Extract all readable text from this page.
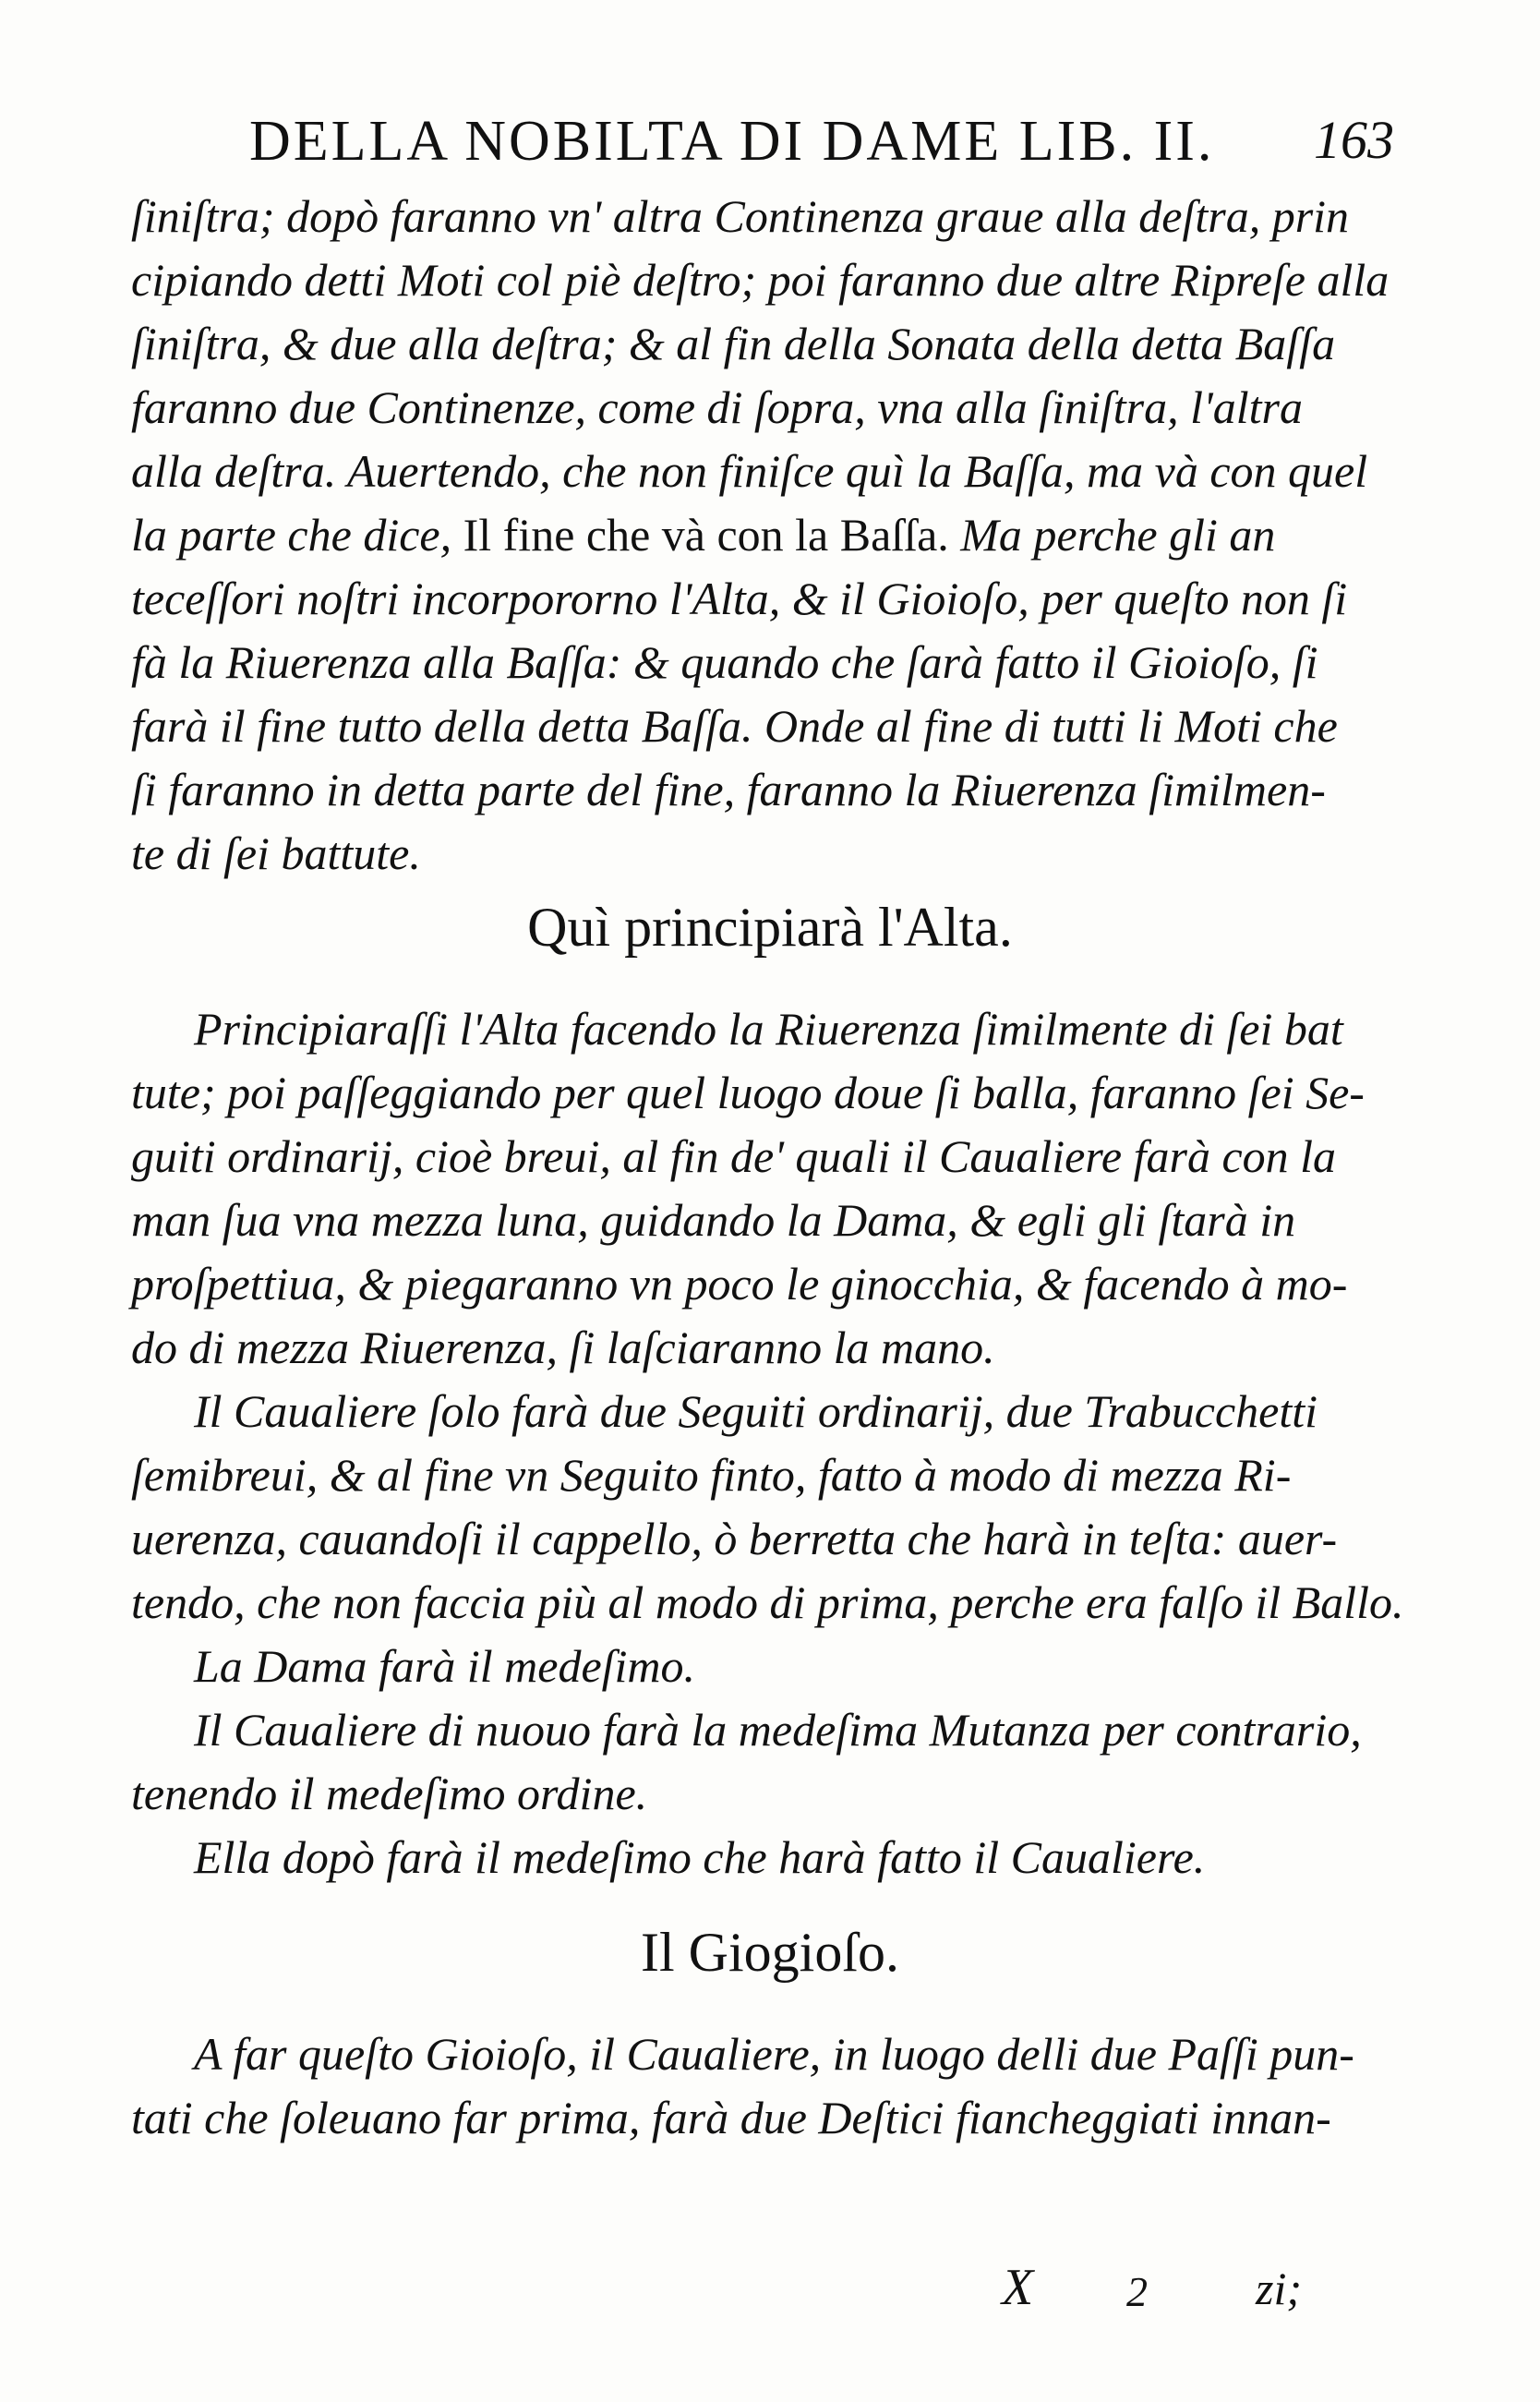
DELLA NOBILTA DI DAME LIB. II. 163
ſiniſtra; dopò faranno vn' altra Continenza graue alla deſtra, prin
cipiando detti Moti col piè deſtro; poi faranno due altre Ripreſe alla
ſiniſtra, & due alla deſtra; & al fin della Sonata della detta Baſſa
faranno due Continenze, come di ſopra, vna alla ſiniſtra, l'altra
alla deſtra. Auertendo, che non finiſce quì la Baſſa, ma và con quel
la parte che dice, Il fine che và con la Baſſa. Ma perche gli an
teceſſori noſtri incorpororno l'Alta, & il Gioioſo, per queſto non ſi
fà la Riuerenza alla Baſſa: & quando che ſarà fatto il Gioioſo, ſi
farà il fine tutto della detta Baſſa. Onde al fine di tutti li Moti che
ſi faranno in detta parte del fine, faranno la Riuerenza ſimilmen-
te di ſei battute.
Quì principiarà l'Alta.
Principiaraſſi l'Alta facendo la Riuerenza ſimilmente di ſei bat
tute; poi paſſeggiando per quel luogo doue ſi balla, faranno ſei Se-
guiti ordinarij, cioè breui, al fin de' quali il Caualiere farà con la
man ſua vna mezza luna, guidando la Dama, & egli gli ſtarà in
proſpettiua, & piegaranno vn poco le ginocchia, & facendo à mo-
do di mezza Riuerenza, ſi laſciaranno la mano.
Il Caualiere ſolo farà due Seguiti ordinarij, due Trabucchetti
ſemibreui, & al fine vn Seguito finto, fatto à modo di mezza Ri-
uerenza, cauandoſi il cappello, ò berretta che harà in teſta: auer-
tendo, che non faccia più al modo di prima, perche era falſo il Ballo.
La Dama farà il medeſimo.
Il Caualiere di nuouo farà la medeſima Mutanza per contrario,
tenendo il medeſimo ordine.
Ella dopò farà il medeſimo che harà fatto il Caualiere.
Il Giogioſo.
A far queſto Gioioſo, il Caualiere, in luogo delli due Paſſi pun-
tati che ſoleuano far prima, farà due Deſtici fiancheggiati innan-
X 2 zi;
